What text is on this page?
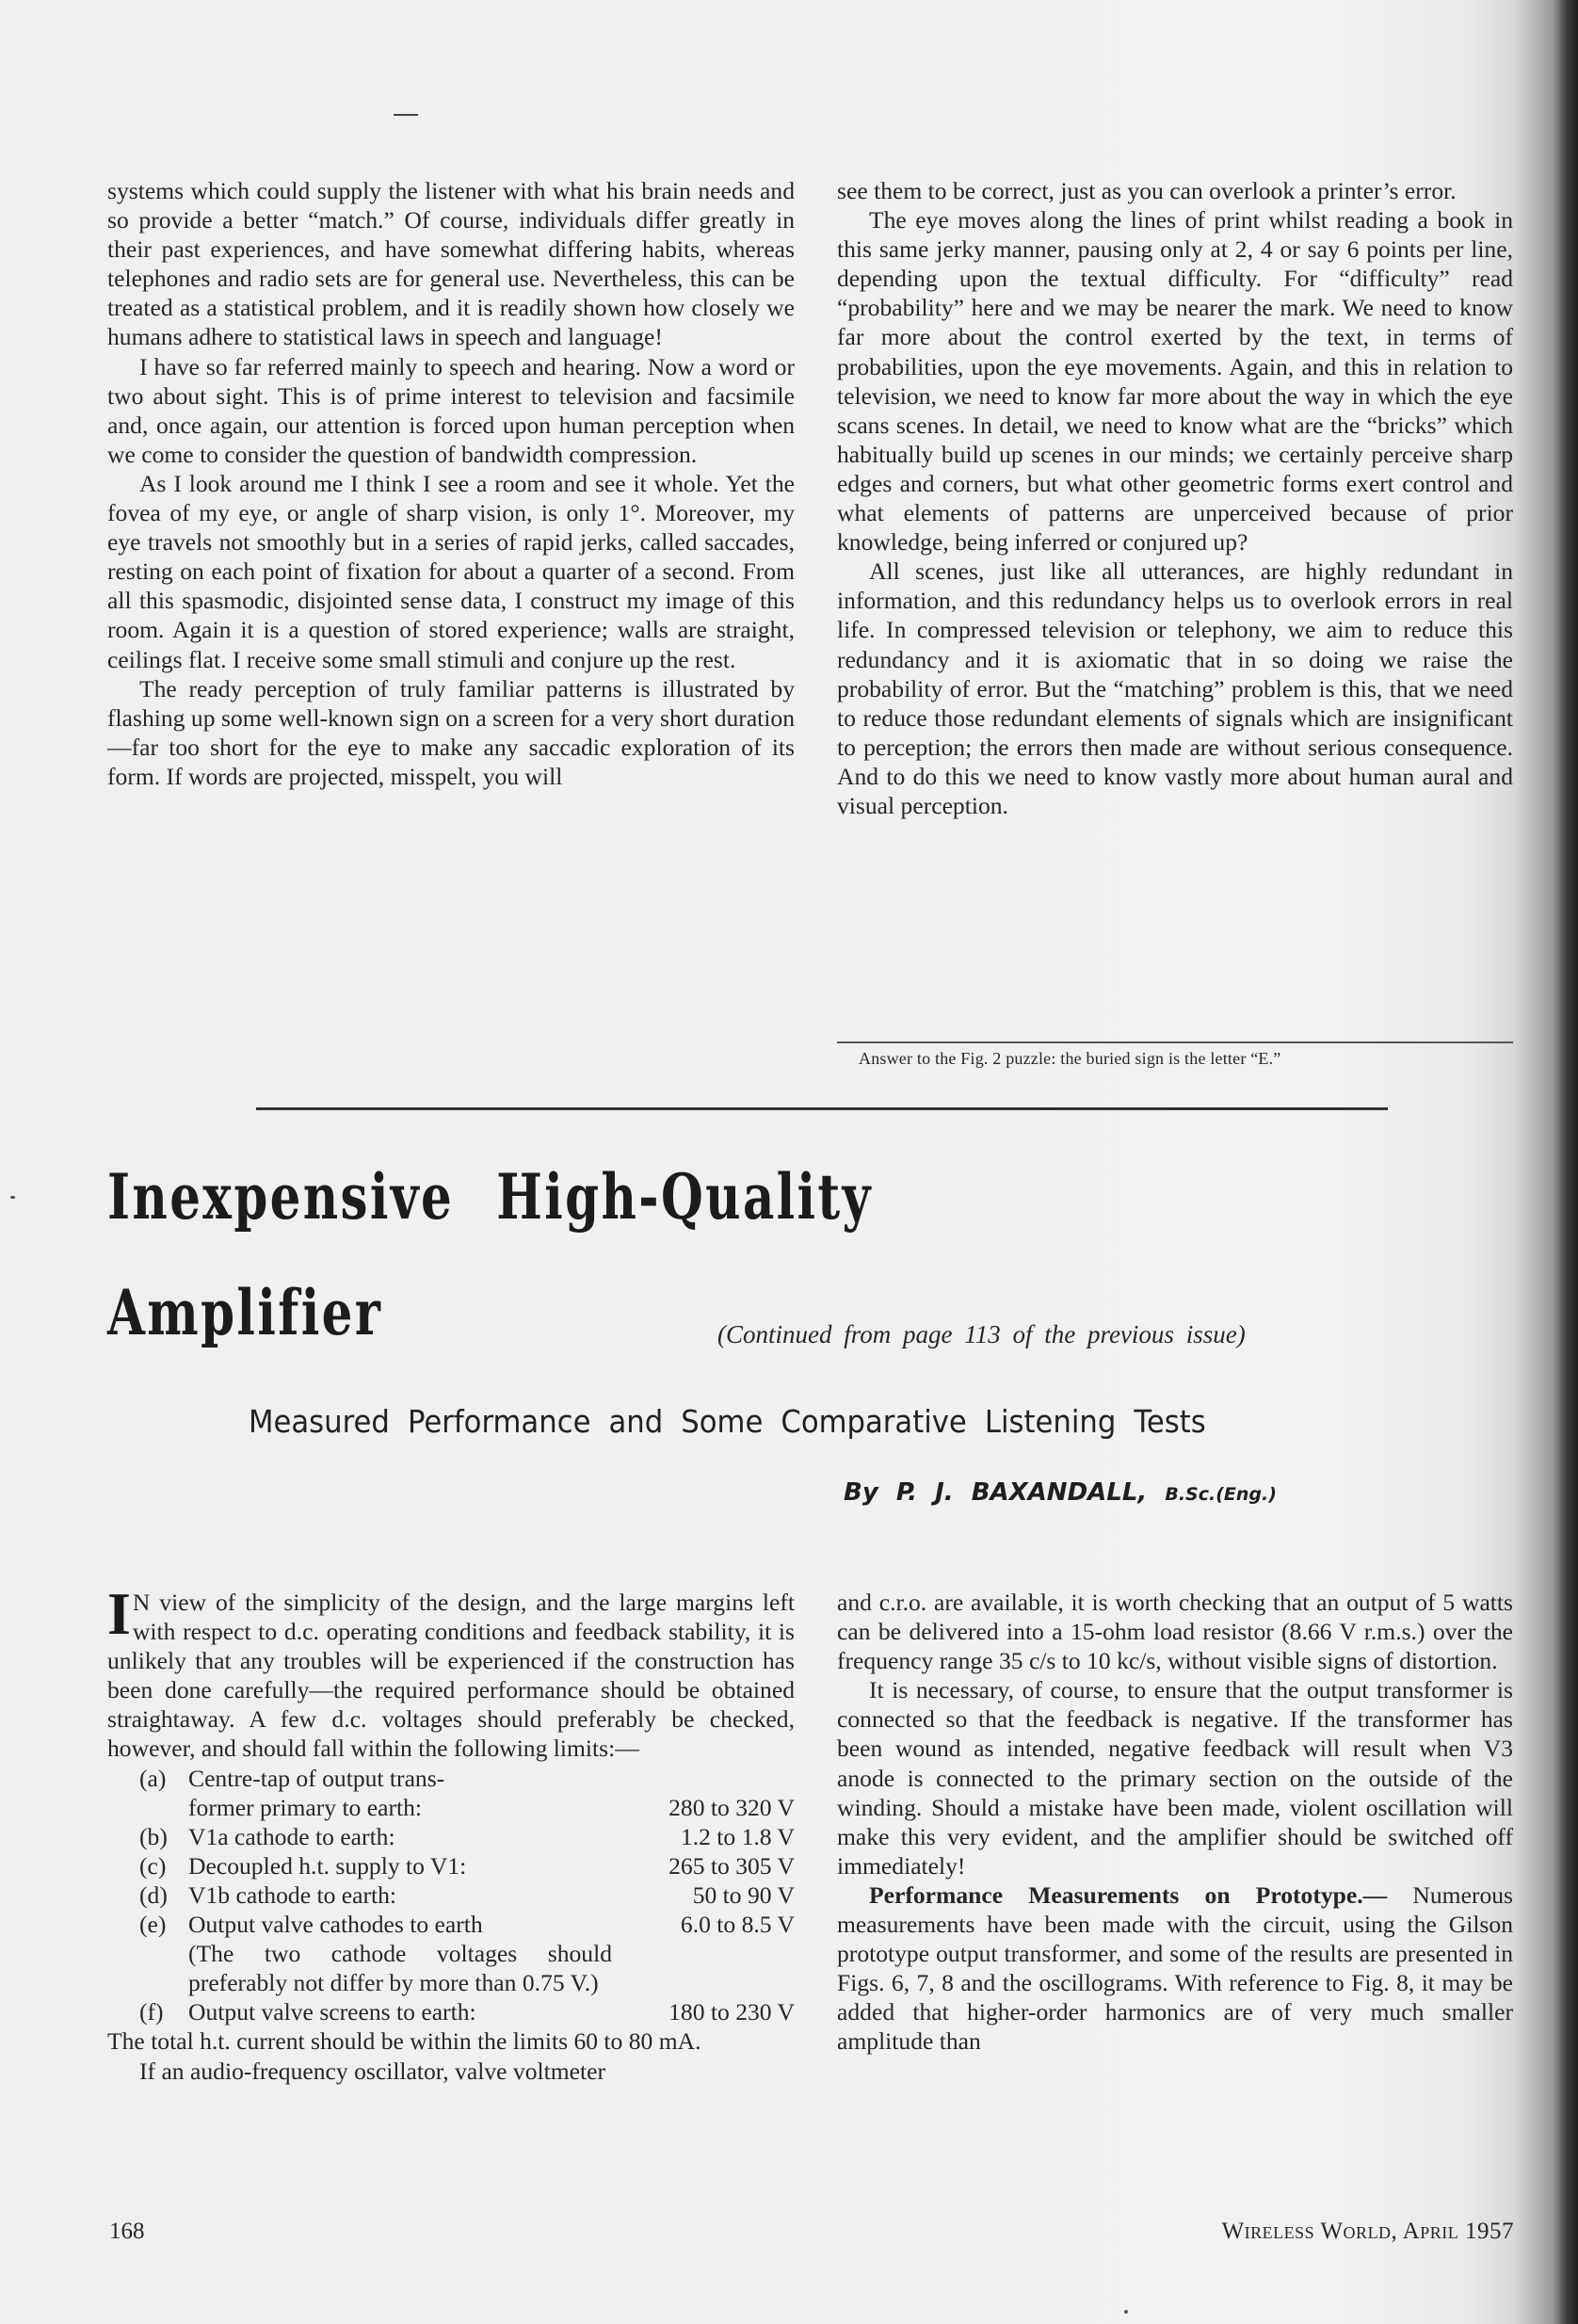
systems which could supply the listener with what his brain needs and so provide a better “match.” Of course, individuals differ greatly in their past experiences, and have somewhat differing habits, whereas telephones and radio sets are for general use. Nevertheless, this can be treated as a statistical problem, and it is readily shown how closely we humans adhere to statistical laws in speech and language!

I have so far referred mainly to speech and hearing. Now a word or two about sight. This is of prime interest to television and facsimile and, once again, our attention is forced upon human perception when we come to consider the question of bandwidth compression.

As I look around me I think I see a room and see it whole. Yet the fovea of my eye, or angle of sharp vision, is only 1°. Moreover, my eye travels not smoothly but in a series of rapid jerks, called saccades, resting on each point of fixation for about a quarter of a second. From all this spasmodic, disjointed sense data, I construct my image of this room. Again it is a question of stored experience; walls are straight, ceilings flat. I receive some small stimuli and conjure up the rest.

The ready perception of truly familiar patterns is illustrated by flashing up some well-known sign on a screen for a very short duration—far too short for the eye to make any saccadic exploration of its form. If words are projected, misspelt, you will

see them to be correct, just as you can overlook a printer’s error.

The eye moves along the lines of print whilst reading a book in this same jerky manner, pausing only at 2, 4 or say 6 points per line, depending upon the textual difficulty. For “difficulty” read “probability” here and we may be nearer the mark. We need to know far more about the control exerted by the text, in terms of probabilities, upon the eye movements. Again, and this in relation to television, we need to know far more about the way in which the eye scans scenes. In detail, we need to know what are the “bricks” which habitually build up scenes in our minds; we certainly perceive sharp edges and corners, but what other geometric forms exert control and what elements of patterns are unperceived because of prior knowledge, being inferred or conjured up?

All scenes, just like all utterances, are highly redundant in information, and this redundancy helps us to overlook errors in real life. In compressed television or telephony, we aim to reduce this redundancy and it is axiomatic that in so doing we raise the probability of error. But the “matching” problem is this, that we need to reduce those redundant elements of signals which are insignificant to perception; the errors then made are without serious consequence. And to do this we need to know vastly more about human aural and visual perception.

Answer to the Fig. 2 puzzle: the buried sign is the letter “E.”
Inexpensive High-Quality
Amplifier	(Continued from page 113 of the previous issue)
Measured Performance and Some Comparative Listening Tests
By P. J. BAXANDALL, B.Sc.(Eng.)

I N view of the simplicity of the design, and the large margins left with respect to d.c. operating conditions and feedback stability, it is unlikely that any troubles will be experienced if the construction has been done carefully—the required performance should be obtained straightaway. A few d.c. voltages should preferably be checked, however, and should fall within the following limits:—

(a) Centre-tap of output trans-
former primary to earth:	280 to 320 V
(b) V1a cathode to earth:	1.2 to 1.8 V
(c) Decoupled h.t. supply to V1:	265 to 305 V
(d) V1b cathode to earth:	50 to 90 V
(e) Output valve cathodes to earth	6.0 to 8.5 V
(The two cathode voltages should preferably not differ by more than 0.75 V.)
(f)	Output valve screens to earth:	180 to 230 V

The total h.t. current should be within the limits 60 to 80 mA.

If an audio-frequency oscillator, valve voltmeter

and c.r.o. are available, it is worth checking that an output of 5 watts can be delivered into a 15-ohm load resistor (8.66 V r.m.s.) over the frequency range 35 c/s to 10 kc/s, without visible signs of distortion.

It is necessary, of course, to ensure that the output transformer is connected so that the feedback is negative. If the transformer has been wound as intended, negative feedback will result when V3 anode is connected to the primary section on the outside of the winding. Should a mistake have been made, violent oscillation will make this very evident, and the amplifier should be switched off immediately!

Performance Measurements on Prototype.— Numerous measurements have been made with the circuit, using the Gilson prototype output transformer, and some of the results are presented in Figs. 6, 7, 8 and the oscillograms. With reference to Fig. 8, it may be added that higher-order harmonics are of very much smaller amplitude than

168	Wireless World, April 1957
